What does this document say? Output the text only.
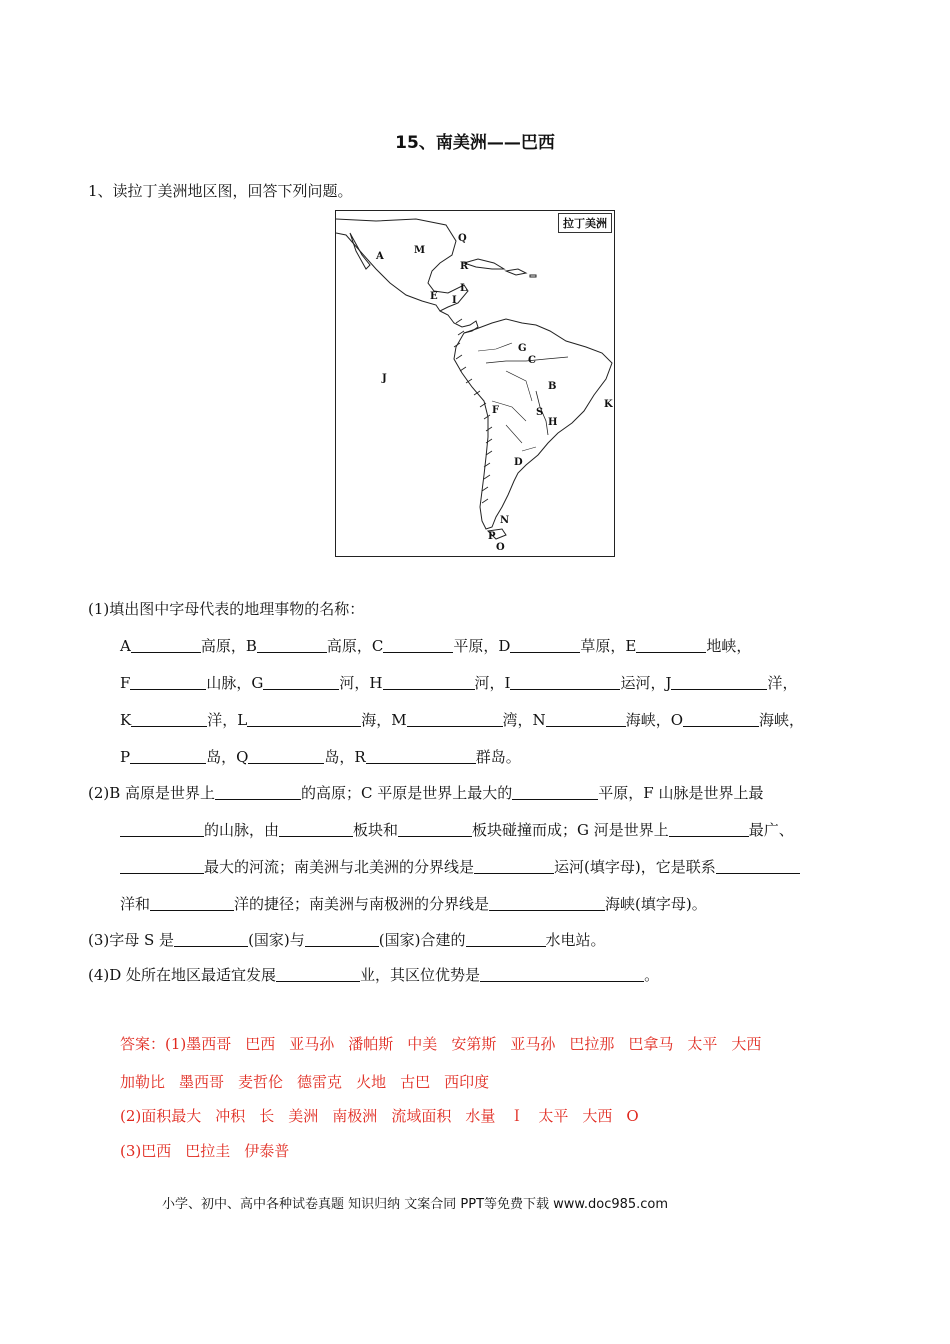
15、南美洲——巴西
1、读拉丁美洲地区图，回答下列问题。
A
M
Q
R
L
E I
J
G
C
B
K
F	S
H
D
N
P
O
拉丁美洲
(1)填出图中字母代表的地理事物的名称：
A	高原，B	高原，C	平原，D	草原，E	地峡，
F	山脉，G	河，H	河，I	运河，J	洋，
K	洋，L	海，M	湾，N	海峡，O	海峡，
P	岛，Q	岛，R	群岛。
(2)B 高原是世界上	的高原；C 平原是世界上最大的	平原，F 山脉是世界上最
的山脉，由	板块和	板块碰撞而成；G 河是世界上	最广、
最大的河流；南美洲与北美洲的分界线是	运河(填字母)，它是联系
洋和	洋的捷径；南美洲与南极洲的分界线是	海峡(填字母)。
(3)字母 S 是	(国家)与	(国家)合建的	水电站。
(4)D 处所在地区最适宜发展	业，其区位优势是	。
答案：(1)墨西哥 巴西 亚马孙 潘帕斯 中美 安第斯 亚马孙 巴拉那 巴拿马 太平 大西
加勒比 墨西哥 麦哲伦 德雷克 火地 古巴 西印度
(2)面积最大 冲积 长 美洲 南极洲 流域面积 水量 Ｉ 太平 大西 O
(3)巴西 巴拉圭 伊泰普
小学、初中、高中各种试卷真题 知识归纳 文案合同 PPT等免费下载 www.doc985.com
